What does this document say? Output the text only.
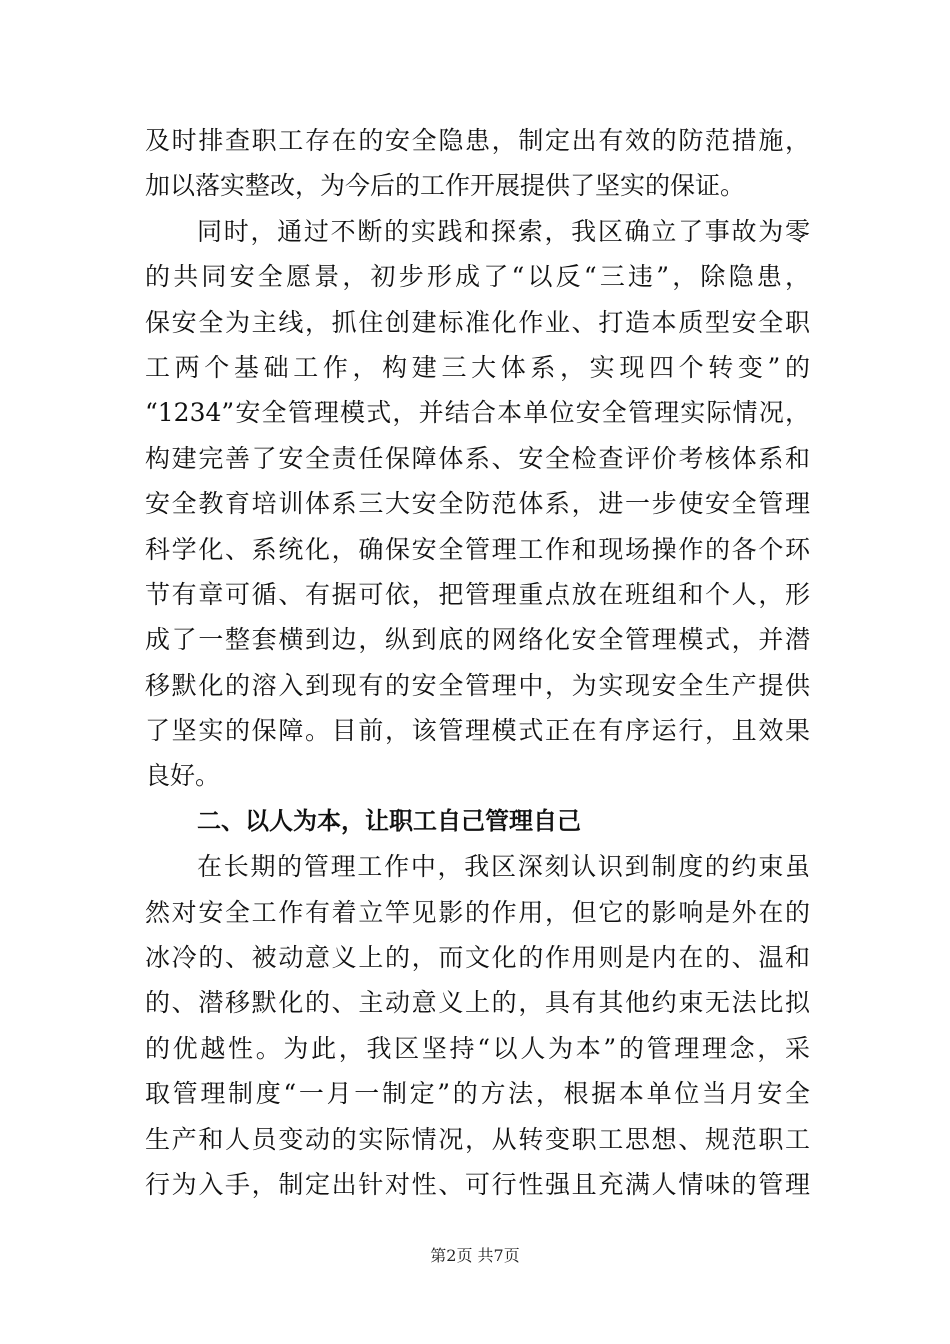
及时排查职工存在的安全隐患，制定出有效的防范措施，
加以落实整改，为今后的工作开展提供了坚实的保证。
同时，通过不断的实践和探索，我区确立了事故为零
的共同安全愿景，初步形成了“以反“三违”，除隐患，
保安全为主线，抓住创建标准化作业、打造本质型安全职
工两个基础工作，构建三大体系，实现四个转变”的
“1234”安全管理模式，并结合本单位安全管理实际情况，
构建完善了安全责任保障体系、安全检查评价考核体系和
安全教育培训体系三大安全防范体系，进一步使安全管理
科学化、系统化，确保安全管理工作和现场操作的各个环
节有章可循、有据可依，把管理重点放在班组和个人，形
成了一整套横到边，纵到底的网络化安全管理模式，并潜
移默化的溶入到现有的安全管理中，为实现安全生产提供
了坚实的保障。目前，该管理模式正在有序运行，且效果
良好。
二、以人为本，让职工自己管理自己
在长期的管理工作中，我区深刻认识到制度的约束虽
然对安全工作有着立竿见影的作用，但它的影响是外在的
冰冷的、被动意义上的，而文化的作用则是内在的、温和
的、潜移默化的、主动意义上的，具有其他约束无法比拟
的优越性。为此，我区坚持“以人为本”的管理理念，采
取管理制度“一月一制定”的方法，根据本单位当月安全
生产和人员变动的实际情况，从转变职工思想、规范职工
行为入手，制定出针对性、可行性强且充满人情味的管理
第2页 共7页
